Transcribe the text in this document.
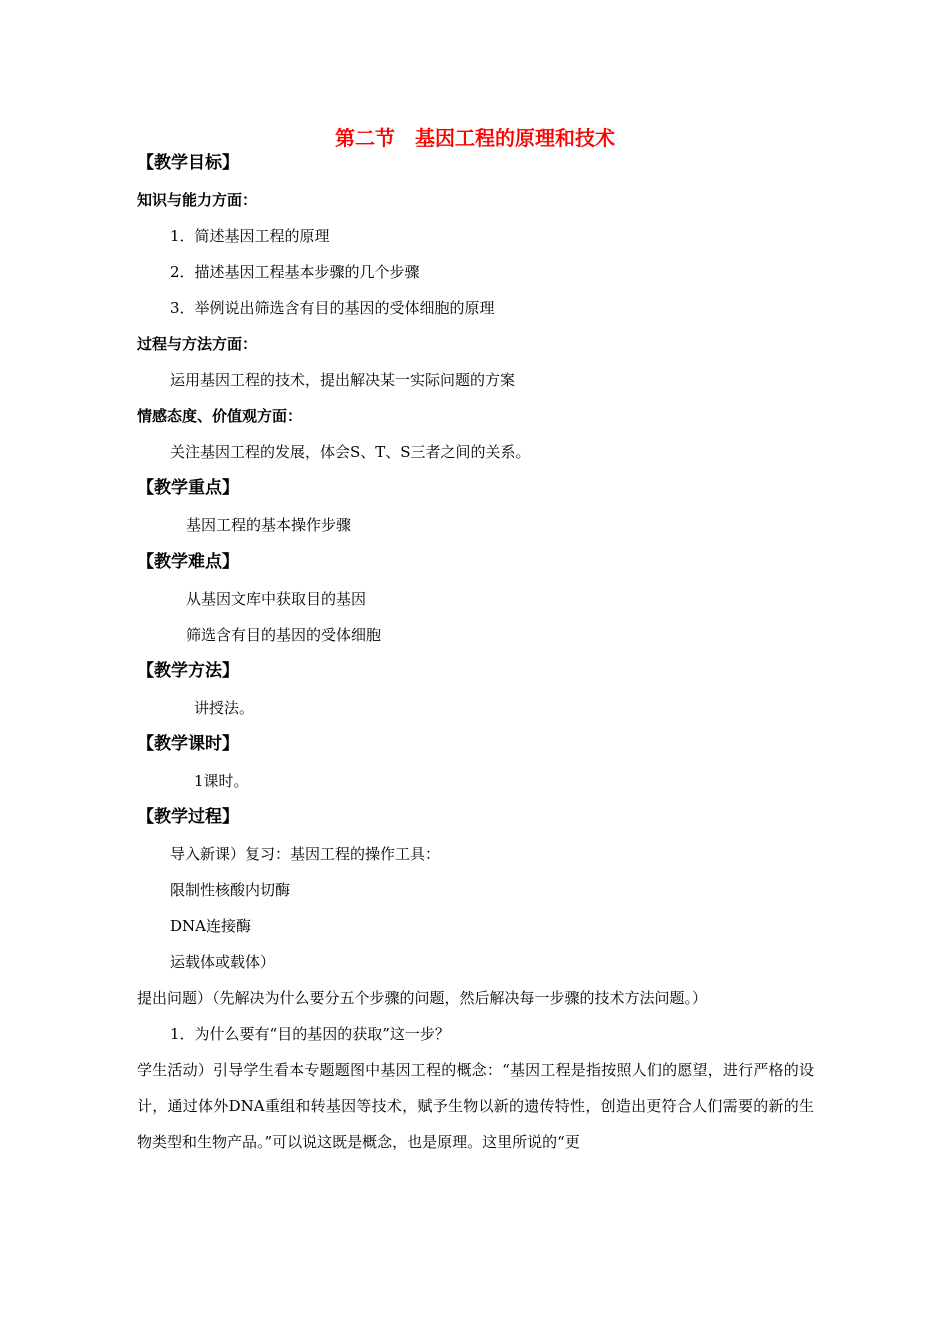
第二节　基因工程的原理和技术
【教学目标】
知识与能力方面：
1．简述基因工程的原理
2．描述基因工程基本步骤的几个步骤
3．举例说出筛选含有目的基因的受体细胞的原理
过程与方法方面：
运用基因工程的技术，提出解决某一实际问题的方案
情感态度、价值观方面：
关注基因工程的发展，体会S、T、S三者之间的关系。
【教学重点】
基因工程的基本操作步骤
【教学难点】
从基因文库中获取目的基因
筛选含有目的基因的受体细胞
【教学方法】
讲授法。
【教学课时】
1课时。
【教学过程】
导入新课）复习：基因工程的操作工具：
限制性核酸内切酶
DNA连接酶
运载体或载体）
提出问题）（先解决为什么要分五个步骤的问题，然后解决每一步骤的技术方法问题。）
1．为什么要有“目的基因的获取”这一步？
学生活动）引导学生看本专题题图中基因工程的概念：“基因工程是指按照人们的愿望，进行严格的设计，通过体外DNA重组和转基因等技术，赋予生物以新的遗传特性，创造出更符合人们需要的新的生物类型和生物产品。”可以说这既是概念，也是原理。这里所说的“更
